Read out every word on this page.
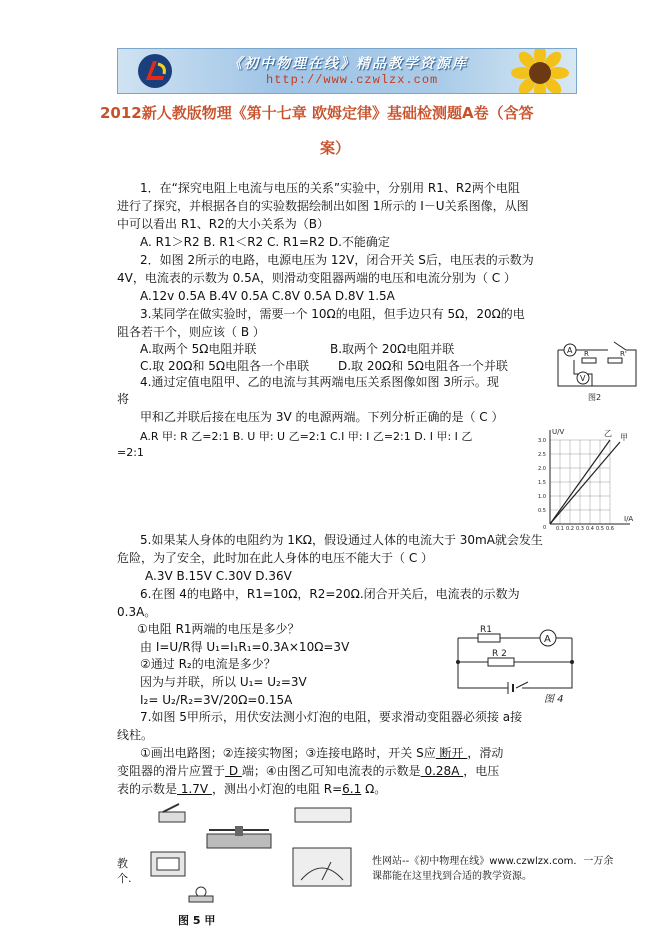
《初中物理在线》精品教学资源库
http://www.czwlzx.com
2012新人教版物理《第十七章 欧姆定律》基础检测题A卷（含答
案）
1．在“探究电阻上电流与电压的关系”实验中，分别用 R1、R2两个电阻
进行了探究，并根据各自的实验数据绘制出如图 1所示的 I－U关系图像，从图
中可以看出 R1、R2的大小关系为（B）
A. R1＞R2 B. R1＜R2 C. R1=R2 D.不能确定
2．如图 2所示的电路，电源电压为 12V，闭合开关 S后，电压表的示数为
4V，电流表的示数为 0.5A，则滑动变阻器两端的电压和电流分别为（ C ）
A.12v 0.5A B.4V 0.5A C.8V 0.5A D.8V 1.5A
3.某同学在做实验时，需要一个 10Ω的电阻，但手边只有 5Ω，20Ω的电
阻各若干个，则应该（ B ）
A.取两个 5Ω电阻并联	B.取两个 20Ω电阻并联
C.取 20Ω和 5Ω电阻各一个串联 D.取 20Ω和 5Ω电阻各一个并联
A R	R'
V
图2
4.通过定值电阻甲、乙的电流与其两端电压关系图像如图 3所示。现
将
甲和乙并联后接在电压为 3V 的电源两端。下列分析正确的是（ C ）
A.R 甲: R 乙=2:1 B. U 甲: U 乙=2:1 C.I 甲: I 乙=2:1 D. I 甲: I 乙
=2:1
U/V
I/A
乙 甲
3.0
2.5
2.0
1.5
1.0
0.5
0 0.1 0.2 0.3 0.4 0.5 0.6
5.如果某人身体的电阻约为 1KΩ，假设通过人体的电流大于 30mA就会发生
危险，为了安全，此时加在此人身体的电压不能大于（ C ）
A.3V B.15V C.30V D.36V
6.在图 4的电路中，R1=10Ω，R2=20Ω.闭合开关后，电流表的示数为
0.3A。
①电阻 R1两端的电压是多少？
由 I=U/R得 U₁=I₁R₁=0.3A×10Ω=3V
②通过 R₂的电流是多少？
因为与并联，所以 U₁= U₂=3V
I₂= U₂/R₂=3V/20Ω=0.15A
A
R1
R 2
图 4
7.如图 5甲所示，用伏安法测小灯泡的电阻，要求滑动变阻器必须接 a接
线柱。
①画出电路图；②连接实物图；③连接电路时，开关 S应 断开 ，滑动
变阻器的滑片应置于 D 端；④由图乙可知电流表的示数是 0.28A ，电压
表的示数是 1.7V ，测出小灯泡的电阻 R=6.1 Ω。
教
个.
性网站--《初中物理在线》www.czwlzx.com．一万余
课都能在这里找到合适的教学资源。
图 5 甲
